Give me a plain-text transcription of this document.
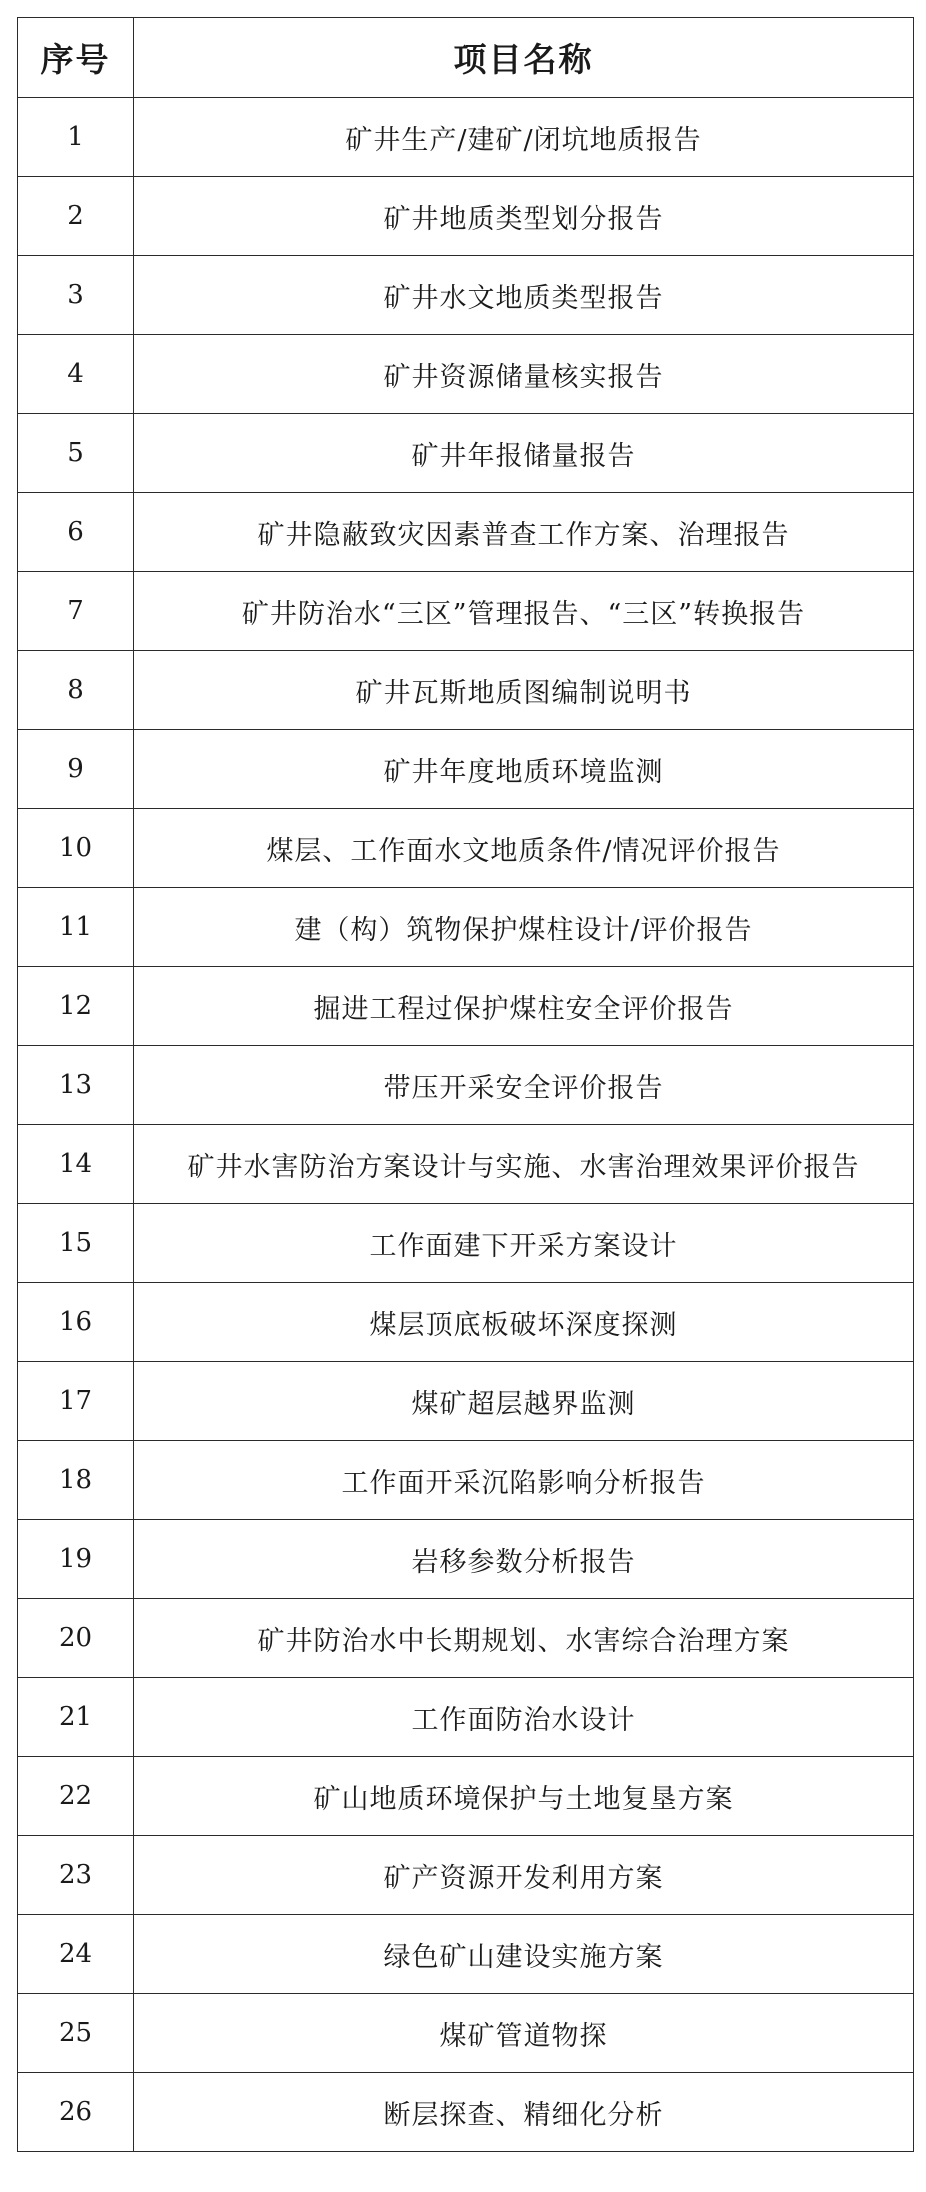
序号	项目名称
1	矿井生产/建矿/闭坑地质报告
2	矿井地质类型划分报告
3	矿井水文地质类型报告
4	矿井资源储量核实报告
5	矿井年报储量报告
6	矿井隐蔽致灾因素普查工作方案、治理报告
7	矿井防治水“三区”管理报告、“三区”转换报告
8	矿井瓦斯地质图编制说明书
9	矿井年度地质环境监测
10	煤层、工作面水文地质条件/情况评价报告
11	建（构）筑物保护煤柱设计/评价报告
12	掘进工程过保护煤柱安全评价报告
13	带压开采安全评价报告
14	矿井水害防治方案设计与实施、水害治理效果评价报告
15	工作面建下开采方案设计
16	煤层顶底板破坏深度探测
17	煤矿超层越界监测
18	工作面开采沉陷影响分析报告
19	岩移参数分析报告
20	矿井防治水中长期规划、水害综合治理方案
21	工作面防治水设计
22	矿山地质环境保护与土地复垦方案
23	矿产资源开发利用方案
24	绿色矿山建设实施方案
25	煤矿管道物探
26	断层探查、精细化分析
